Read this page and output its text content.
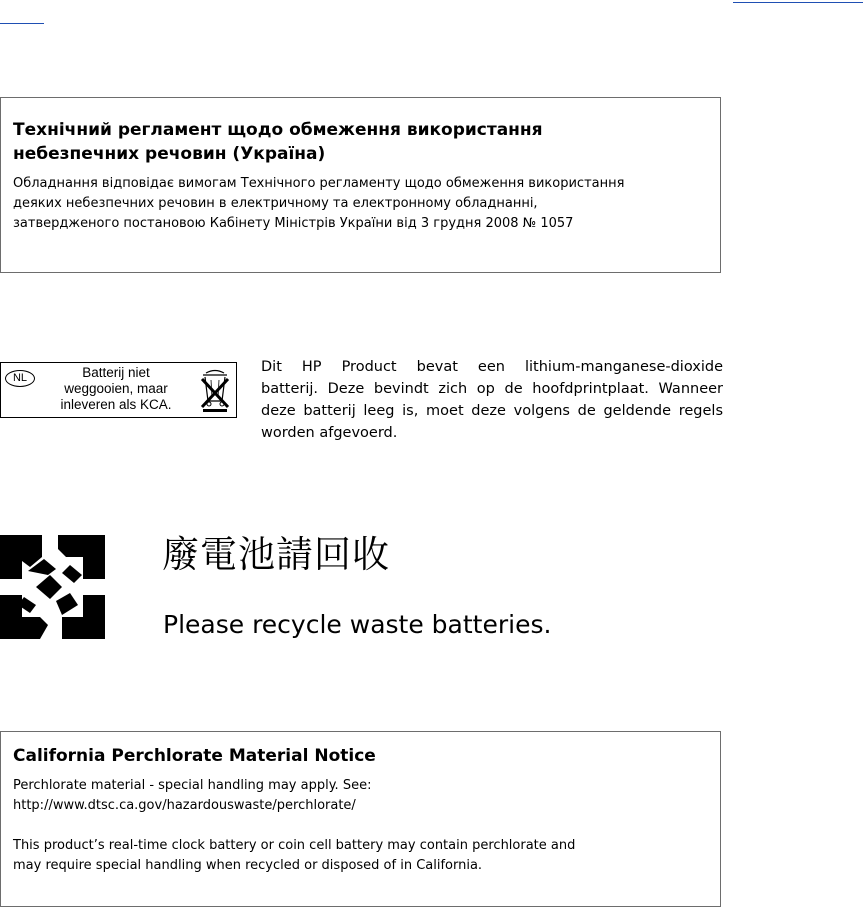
Технічний регламент щодо обмеження використання
небезпечних речовин (Україна)

Обладнання відповідає вимогам Технічного регламенту щодо обмеження використання
деяких небезпечних речовин в електричному та електронному обладнанні,
затвердженого постановою Кабінету Міністрів України від 3 грудня 2008 № 1057

NL	Batterij niet
weggooien, maar
inleveren als KCA.
Dit HP Product bevat een lithium-manganese-dioxide
batterij. Deze bevindt zich op de hoofdprintplaat. Wanneer
deze batterij leeg is, moet deze volgens de geldende regels
worden afgevoerd.
廢電池請回收
Please recycle waste batteries.

California Perchlorate Material Notice

Perchlorate material - special handling may apply. See:
http://www.dtsc.ca.gov/hazardouswaste/perchlorate/

This product’s real-time clock battery or coin cell battery may contain perchlorate and
may require special handling when recycled or disposed of in California.
